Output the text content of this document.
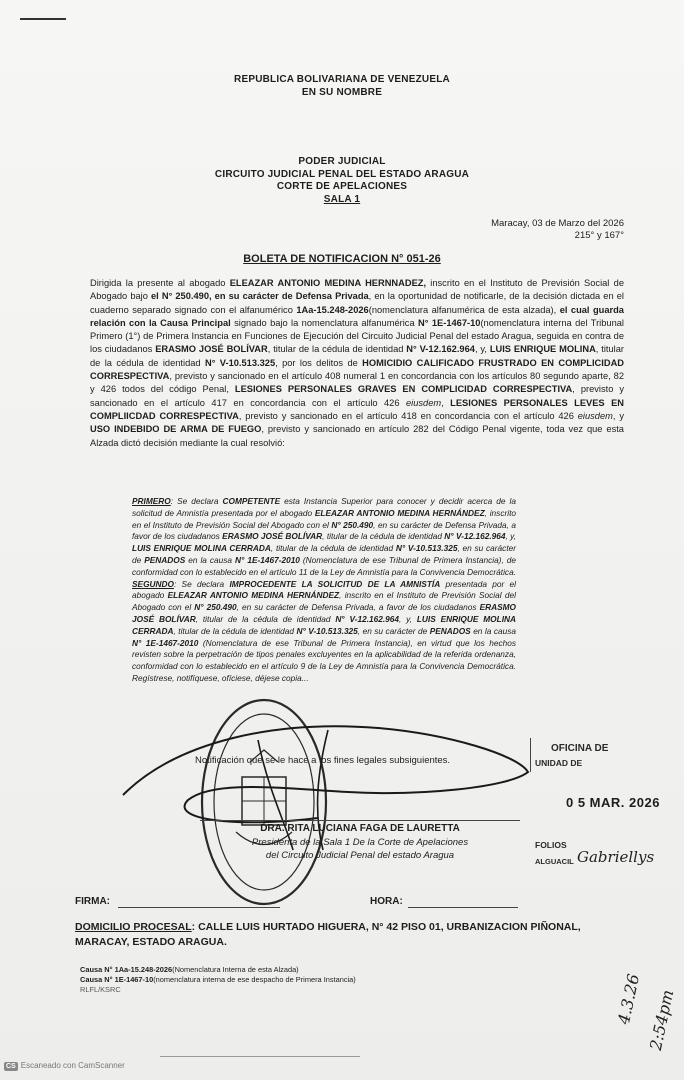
REPUBLICA BOLIVARIANA DE VENEZUELA
EN SU NOMBRE
PODER JUDICIAL
CIRCUITO JUDICIAL PENAL DEL ESTADO ARAGUA
CORTE DE APELACIONES
SALA 1
Maracay, 03 de Marzo del 2026
215° y 167°
BOLETA DE NOTIFICACION N° 051-26
Dirigida la presente al abogado ELEAZAR ANTONIO MEDINA HERNNADEZ, inscrito en el Instituto de Previsión Social de Abogado bajo el N° 250.490, en su carácter de Defensa Privada, en la oportunidad de notificarle, de la decisión dictada en el cuaderno separado signado con el alfanumérico 1Aa-15.248-2026(nomenclatura alfanumérica de esta alzada), el cual guarda relación con la Causa Principal signado bajo la nomenclatura alfanumérica N° 1E-1467-10(nomenclatura interna del Tribunal Primero (1°) de Primera Instancia en Funciones de Ejecución del Circuito Judicial Penal del estado Aragua, seguida en contra de los ciudadanos ERASMO JOSÉ BOLÍVAR, titular de la cédula de identidad N° V-12.162.964, y, LUIS ENRIQUE MOLINA, titular de la cédula de identidad N° V-10.513.325, por los delitos de HOMICIDIO CALIFICADO FRUSTRADO EN COMPLICIDAD CORRESPECTIVA, previsto y sancionado en el artículo 408 numeral 1 en concordancia con los artículos 80 segundo aparte, 82 y 426 todos del código Penal, LESIONES PERSONALES GRAVES EN COMPLICIDAD CORRESPECTIVA, previsto y sancionado en el artículo 417 en concordancia con el artículo 426 eiusdem, LESIONES PERSONALES LEVES EN COMPLIICDAD CORRESPECTIVA, previsto y sancionado en el artículo 418 en concordancia con el artículo 426 eiusdem, y USO INDEBIDO DE ARMA DE FUEGO, previsto y sancionado en artículo 282 del Código Penal vigente, toda vez que esta Alzada dictó decisión mediante la cual resolvió:
PRIMERO: Se declara COMPETENTE esta Instancia Superior para conocer y decidir acerca de la solicitud de Amnistía presentada por el abogado ELEAZAR ANTONIO MEDINA HERNÁNDEZ, inscrito en el Instituto de Previsión Social del Abogado con el N° 250.490, en su carácter de Defensa Privada, a favor de los ciudadanos ERASMO JOSÉ BOLÍVAR, titular de la cédula de identidad N° V-12.162.964, y, LUIS ENRIQUE MOLINA CERRADA, titular de la cédula de identidad N° V-10.513.325, en su carácter de PENADOS en la causa N° 1E-1467-2010 (Nomenclatura de ese Tribunal de Primera Instancia), de conformidad con lo establecido en el artículo 11 de la Ley de Amnistía para la Convivencia Democrática. SEGUNDO: Se declara IMPROCEDENTE LA SOLICITUD DE LA AMNISTÍA presentada por el abogado ELEAZAR ANTONIO MEDINA HERNÁNDEZ, inscrito en el Instituto de Previsión Social del Abogado con el N° 250.490, en su carácter de Defensa Privada, a favor de los ciudadanos ERASMO JOSÉ BOLÍVAR, titular de la cédula de identidad N° V-12.162.964, y, LUIS ENRIQUE MOLINA CERRADA, titular de la cédula de identidad N° V-10.513.325, en su carácter de PENADOS en la causa N° 1E-1467-2010 (Nomenclatura de ese Tribunal de Primera Instancia), en virtud que los hechos revisten sobre la perpetración de tipos penales excluyentes en la aplicabilidad de la referida ordenanza, conformidad con lo establecido en el artículo 9 de la Ley de Amnistía para la Convivencia Democrática. Regístrese, notifíquese, ofíciese, déjese copia...
Notificación que se le hace a los fines legales subsiguientes.
DRA. RITA LUCIANA FAGA DE LAURETTA
Presidenta de la Sala 1 De la Corte de Apelaciones
del Circuito Judicial Penal del estado Aragua
OFICINA DE
UNIDAD DE
0 5 MAR. 2026
FOLIOS
ALGUACIL Gabriellys
FIRMA:	HORA:
DOMICILIO PROCESAL: CALLE LUIS HURTADO HIGUERA, N° 42 PISO 01, URBANIZACION PIÑONAL, MARACAY, ESTADO ARAGUA.
Causa N° 1Aa-15.248-2026(Nomenclatura Interna de esta Alzada)
Causa N° 1E-1467-10(nomenclatura interna de ese despacho de Primera Instancia)
RLFL/KSRC	4.3.26 2:54pm
CS Escaneado con CamScanner
